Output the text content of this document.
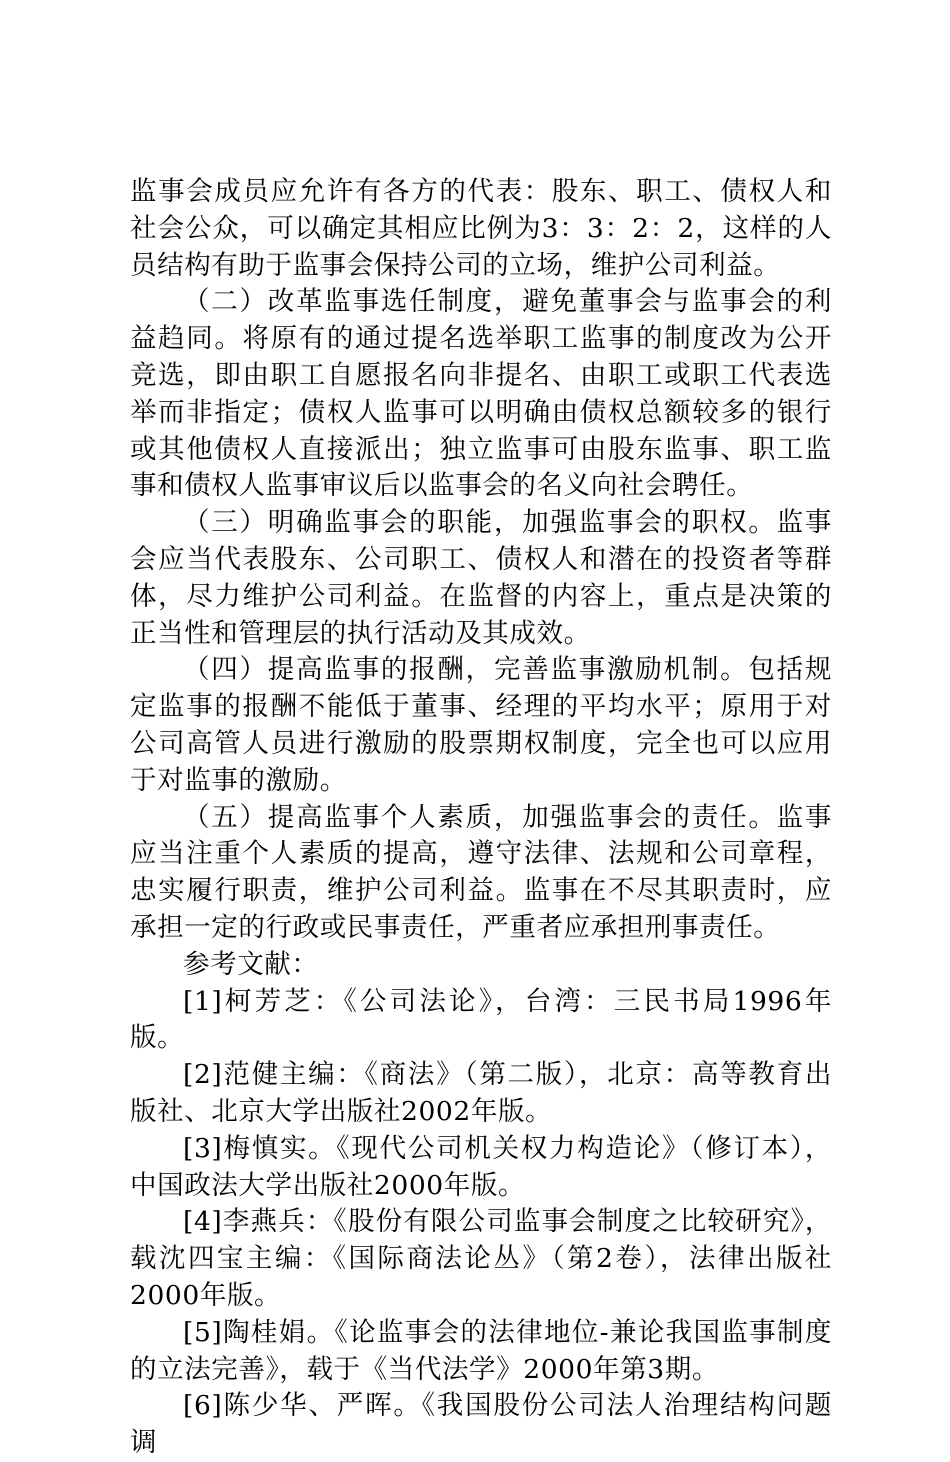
监事会成员应允许有各方的代表：股东、职工、债权人和社会公众，可以确定其相应比例为3：3：2：2，这样的人员结构有助于监事会保持公司的立场，维护公司利益。

（二）改革监事选任制度，避免董事会与监事会的利益趋同。将原有的通过提名选举职工监事的制度改为公开竞选，即由职工自愿报名向非提名、由职工或职工代表选举而非指定；债权人监事可以明确由债权总额较多的银行或其他债权人直接派出；独立监事可由股东监事、职工监事和债权人监事审议后以监事会的名义向社会聘任。

（三）明确监事会的职能，加强监事会的职权。监事会应当代表股东、公司职工、债权人和潜在的投资者等群体，尽力维护公司利益。在监督的内容上，重点是决策的正当性和管理层的执行活动及其成效。

（四）提高监事的报酬，完善监事激励机制。包括规定监事的报酬不能低于董事、经理的平均水平；原用于对公司高管人员进行激励的股票期权制度，完全也可以应用于对监事的激励。

（五）提高监事个人素质，加强监事会的责任。监事应当注重个人素质的提高，遵守法律、法规和公司章程，忠实履行职责，维护公司利益。监事在不尽其职责时，应承担一定的行政或民事责任，严重者应承担刑事责任。

参考文献：

[1]柯芳芝：《公司法论》，台湾：三民书局1996年版。

[2]范健主编：《商法》（第二版），北京：高等教育出版社、北京大学出版社2002年版。

[3]梅慎实。《现代公司机关权力构造论》（修订本），中国政法大学出版社2000年版。

[4]李燕兵：《股份有限公司监事会制度之比较研究》，载沈四宝主编：《国际商法论丛》（第2卷），法律出版社2000年版。

[5]陶桂娟。《论监事会的法律地位-兼论我国监事制度的立法完善》，载于《当代法学》2000年第3期。

[6]陈少华、严晖。《我国股份公司法人治理结构问题调
